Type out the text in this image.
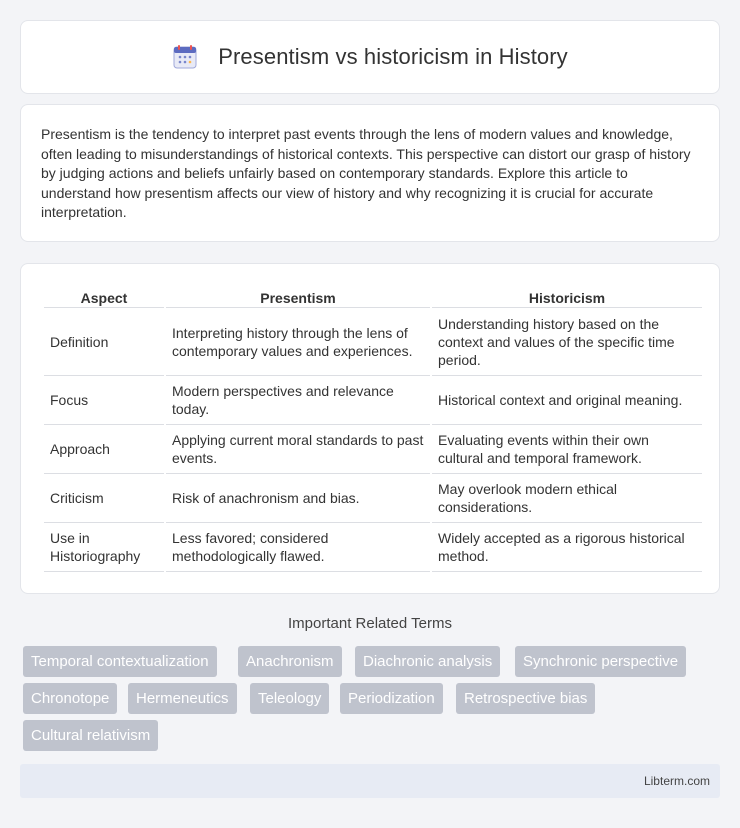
Presentism vs historicism in History

Presentism is the tendency to interpret past events through the lens of modern values and knowledge, often leading to misunderstandings of historical contexts. This perspective can distort our grasp of history by judging actions and beliefs unfairly based on contemporary standards. Explore this article to understand how presentism affects our view of history and why recognizing it is crucial for accurate interpretation.

Aspect	Presentism	Historicism
Definition	Interpreting history through the lens of contemporary values and experiences.	Understanding history based on the context and values of the specific time period.
Focus	Modern perspectives and relevance today.	Historical context and original meaning.
Approach	Applying current moral standards to past events.	Evaluating events within their own cultural and temporal framework.
Criticism	Risk of anachronism and bias.	May overlook modern ethical considerations.
Use in Historiography	Less favored; considered methodologically flawed.	Widely accepted as a rigorous historical method.
Important Related Terms
Temporal contextualization	Anachronism	Diachronic analysis	Synchronic perspective
Chronotope	Hermeneutics	Teleology	Periodization	Retrospective bias
Cultural relativism
Libterm.com
